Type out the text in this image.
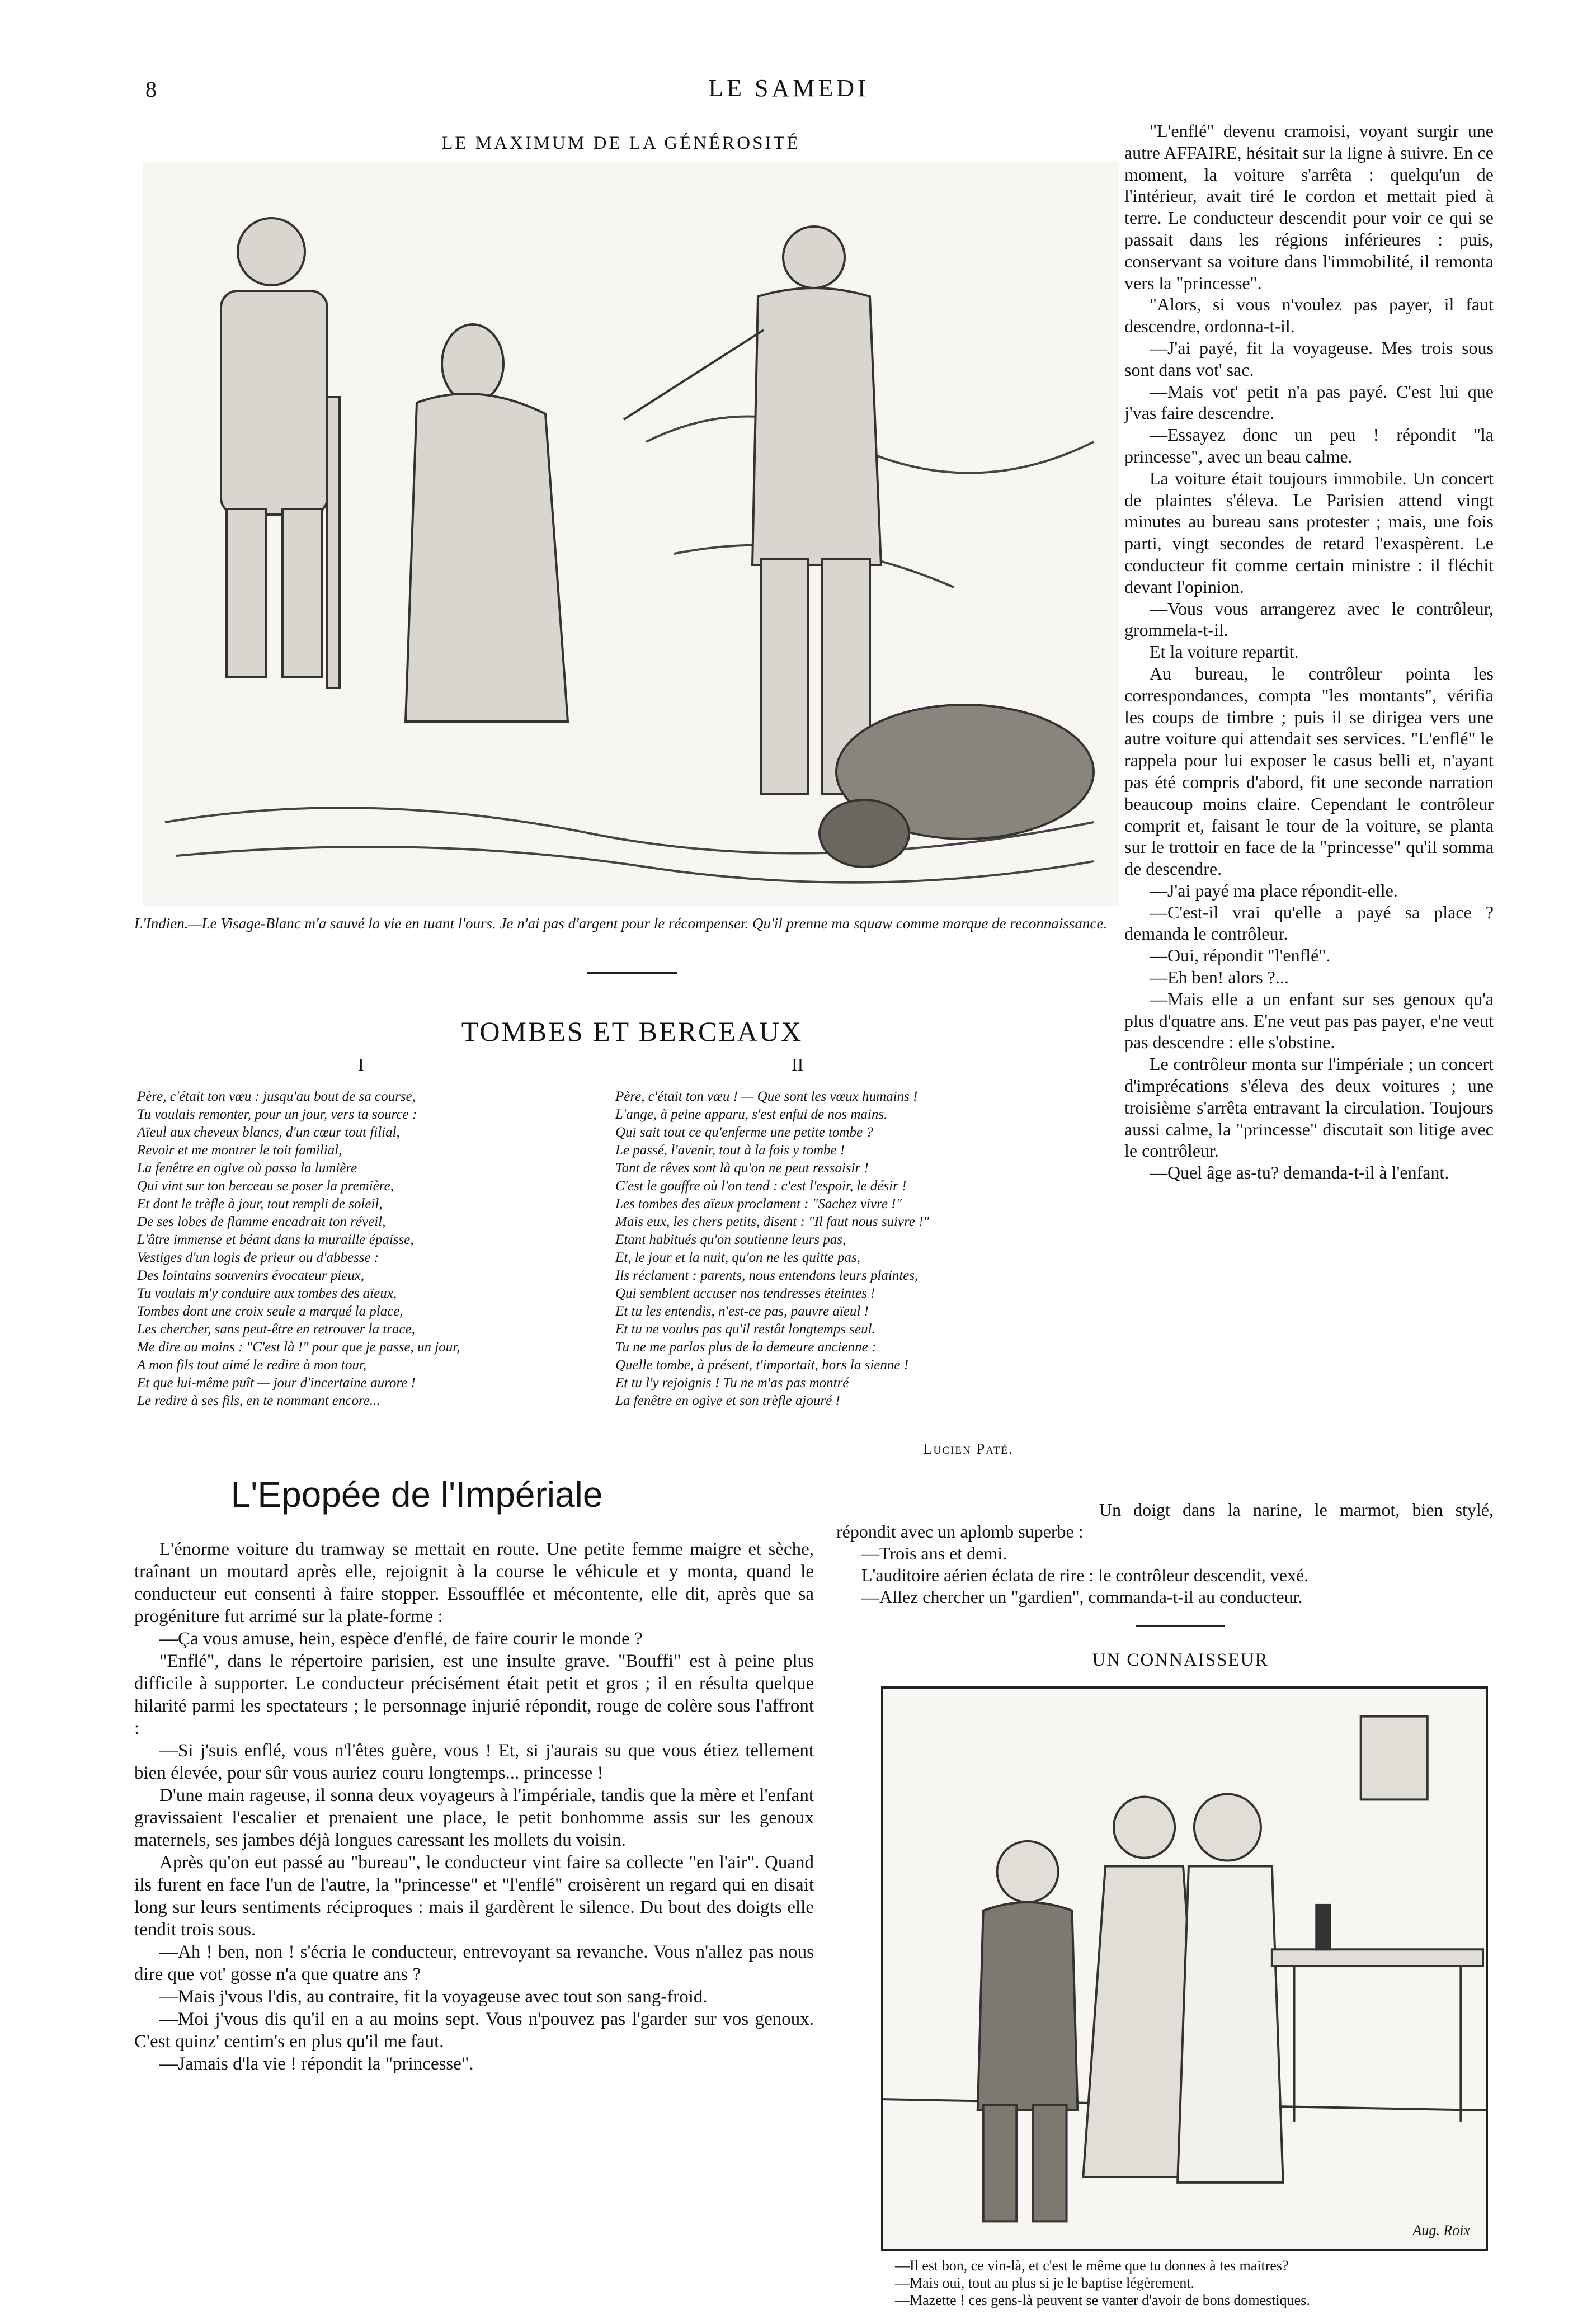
8	LE SAMEDI
LE MAXIMUM DE LA GÉNÉROSITÉ
L'Indien.—Le Visage-Blanc m'a sauvé la vie en tuant l'ours. Je n'ai pas d'argent pour le récompenser. Qu'il prenne ma squaw comme marque de reconnaissance.
TOMBES ET BERCEAUX
I	II
Père, c'était ton vœu : jusqu'au bout de sa course,
Tu voulais remonter, pour un jour, vers ta source :
Aïeul aux cheveux blancs, d'un cœur tout filial,
Revoir et me montrer le toit familial,
La fenêtre en ogive où passa la lumière
Qui vint sur ton berceau se poser la première,
Et dont le trèfle à jour, tout rempli de soleil,
De ses lobes de flamme encadrait ton réveil,
L'âtre immense et béant dans la muraille épaisse,
Vestiges d'un logis de prieur ou d'abbesse :
Des lointains souvenirs évocateur pieux,
Tu voulais m'y conduire aux tombes des aïeux,
Tombes dont une croix seule a marqué la place,
Les chercher, sans peut-être en retrouver la trace,
Me dire au moins : "C'est là !" pour que je passe, un jour,
A mon fils tout aimé le redire à mon tour,
Et que lui-même puît — jour d'incertaine aurore !
Le redire à ses fils, en te nommant encore...
Père, c'était ton vœu ! — Que sont les vœux humains !
L'ange, à peine apparu, s'est enfui de nos mains.
Qui sait tout ce qu'enferme une petite tombe ?
Le passé, l'avenir, tout à la fois y tombe !
Tant de rêves sont là qu'on ne peut ressaisir !
C'est le gouffre où l'on tend : c'est l'espoir, le désir !
Les tombes des aïeux proclament : "Sachez vivre !"
Mais eux, les chers petits, disent : "Il faut nous suivre !"
Etant habitués qu'on soutienne leurs pas,
Et, le jour et la nuit, qu'on ne les quitte pas,
Ils réclament : parents, nous entendons leurs plaintes,
Qui semblent accuser nos tendresses éteintes !
Et tu les entendis, n'est-ce pas, pauvre aïeul !
Et tu ne voulus pas qu'il restât longtemps seul.
Tu ne me parlas plus de la demeure ancienne :
Quelle tombe, à présent, t'importait, hors la sienne !
Et tu l'y rejoignis ! Tu ne m'as pas montré
La fenêtre en ogive et son trèfle ajouré !
Lucien Paté.
L'Epopée de l'Impériale

L'énorme voiture du tramway se mettait en route. Une petite femme maigre et sèche, traînant un moutard après elle, rejoignit à la course le véhicule et y monta, quand le conducteur eut consenti à faire stopper. Essoufflée et mécontente, elle dit, après que sa progéniture fut arrimé sur la plate-forme :

—Ça vous amuse, hein, espèce d'enflé, de faire courir le monde ?

"Enflé", dans le répertoire parisien, est une insulte grave. "Bouffi" est à peine plus difficile à supporter. Le conducteur précisément était petit et gros ; il en résulta quelque hilarité parmi les spectateurs ; le personnage injurié répondit, rouge de colère sous l'affront :

—Si j'suis enflé, vous n'l'êtes guère, vous ! Et, si j'aurais su que vous étiez tellement bien élevée, pour sûr vous auriez couru longtemps... princesse !

D'une main rageuse, il sonna deux voyageurs à l'impériale, tandis que la mère et l'enfant gravissaient l'escalier et prenaient une place, le petit bonhomme assis sur les genoux maternels, ses jambes déjà longues caressant les mollets du voisin.

Après qu'on eut passé au "bureau", le conducteur vint faire sa collecte "en l'air". Quand ils furent en face l'un de l'autre, la "princesse" et "l'enflé" croisèrent un regard qui en disait long sur leurs sentiments réciproques : mais il gardèrent le silence. Du bout des doigts elle tendit trois sous.

—Ah ! ben, non ! s'écria le conducteur, entrevoyant sa revanche. Vous n'allez pas nous dire que vot' gosse n'a que quatre ans ?

—Mais j'vous l'dis, au contraire, fit la voyageuse avec tout son sang-froid.

—Moi j'vous dis qu'il en a au moins sept. Vous n'pouvez pas l'garder sur vos genoux. C'est quinz' centim's en plus qu'il me faut.

—Jamais d'la vie ! répondit la "princesse".

"L'enflé" devenu cramoisi, voyant surgir une autre AFFAIRE, hésitait sur la ligne à suivre. En ce moment, la voiture s'arrêta : quelqu'un de l'intérieur, avait tiré le cordon et mettait pied à terre. Le conducteur descendit pour voir ce qui se passait dans les régions inférieures : puis, conservant sa voiture dans l'immobilité, il remonta vers la "princesse".

"Alors, si vous n'voulez pas payer, il faut descendre, ordonna-t-il.

—J'ai payé, fit la voyageuse. Mes trois sous sont dans vot' sac.

—Mais vot' petit n'a pas payé. C'est lui que j'vas faire descendre.

—Essayez donc un peu ! répondit "la princesse", avec un beau calme.

La voiture était toujours immobile. Un concert de plaintes s'éleva. Le Parisien attend vingt minutes au bureau sans protester ; mais, une fois parti, vingt secondes de retard l'exaspèrent. Le conducteur fit comme certain ministre : il fléchit devant l'opinion.

—Vous vous arrangerez avec le contrôleur, grommela-t-il.

Et la voiture repartit.

Au bureau, le contrôleur pointa les correspondances, compta "les montants", vérifia les coups de timbre ; puis il se dirigea vers une autre voiture qui attendait ses services. "L'enflé" le rappela pour lui exposer le casus belli et, n'ayant pas été compris d'abord, fit une seconde narration beaucoup moins claire. Cependant le contrôleur comprit et, faisant le tour de la voiture, se planta sur le trottoir en face de la "princesse" qu'il somma de descendre.

—J'ai payé ma place répondit-elle.

—C'est-il vrai qu'elle a payé sa place ? demanda le contrôleur.

—Oui, répondit "l'enflé".

—Eh ben! alors ?...

—Mais elle a un enfant sur ses genoux qu'a plus d'quatre ans. E'ne veut pas pas payer, e'ne veut pas descendre : elle s'obstine.

Le contrôleur monta sur l'impériale ; un concert d'imprécations s'éleva des deux voitures ; une troisième s'arrêta entravant la circulation. Toujours aussi calme, la "princesse" discutait son litige avec le contrôleur.

—Quel âge as-tu? demanda-t-il à l'enfant.

Un doigt dans la narine, le marmot, bien stylé, répondit avec un aplomb superbe :

—Trois ans et demi.

L'auditoire aérien éclata de rire : le contrôleur descendit, vexé.

—Allez chercher un "gardien", commanda-t-il au conducteur.

UN CONNAISSEUR
Aug. Roix
—Il est bon, ce vin-là, et c'est le même que tu donnes à tes maitres?
—Mais oui, tout au plus si je le baptise légèrement.
—Mazette ! ces gens-là peuvent se vanter d'avoir de bons domestiques.
